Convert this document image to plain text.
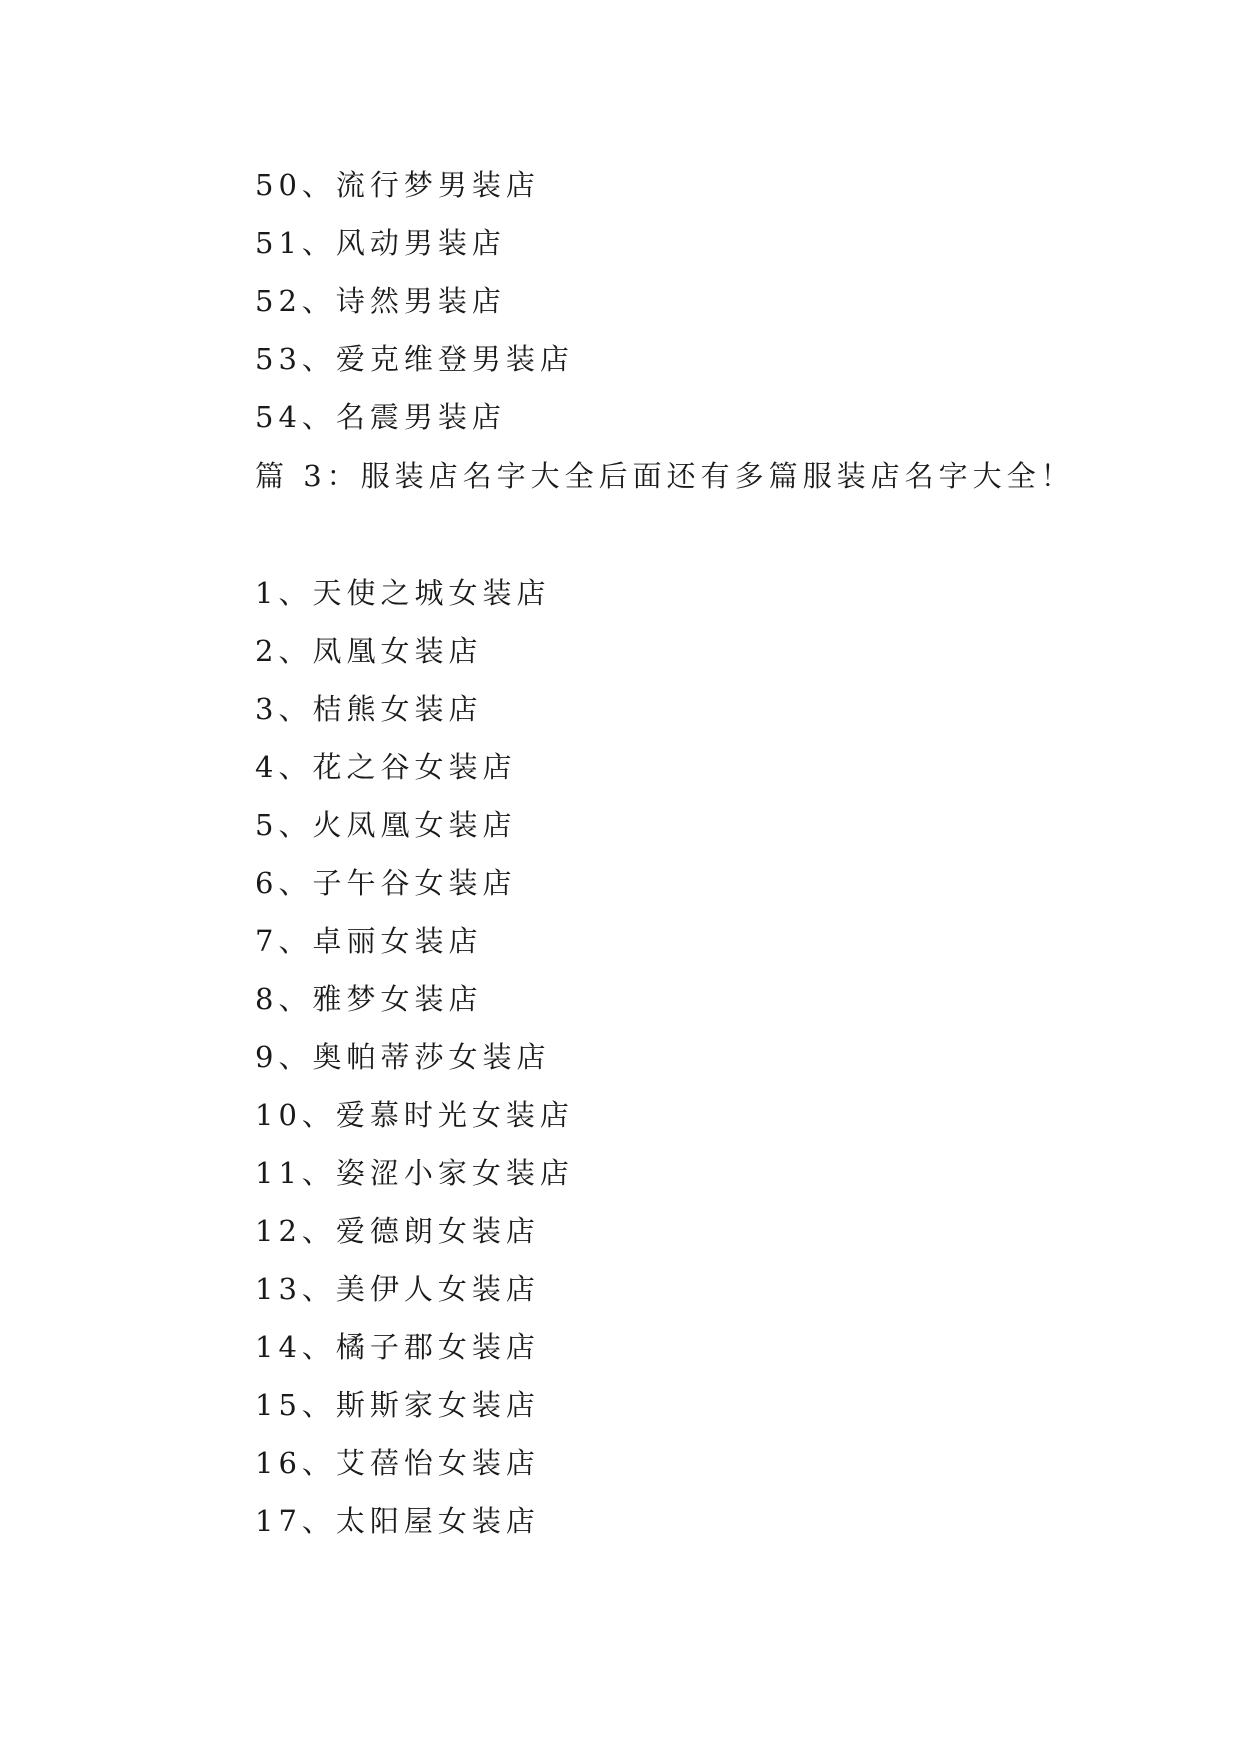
50、流行梦男装店
51、风动男装店
52、诗然男装店
53、爱克维登男装店
54、名震男装店
篇 3：服装店名字大全后面还有多篇服装店名字大全！
1、天使之城女装店
2、凤凰女装店
3、桔熊女装店
4、花之谷女装店
5、火凤凰女装店
6、子午谷女装店
7、卓丽女装店
8、雅梦女装店
9、奥帕蒂莎女装店
10、爱慕时光女装店
11、姿涩小家女装店
12、爱德朗女装店
13、美伊人女装店
14、橘子郡女装店
15、斯斯家女装店
16、艾蓓怡女装店
17、太阳屋女装店
